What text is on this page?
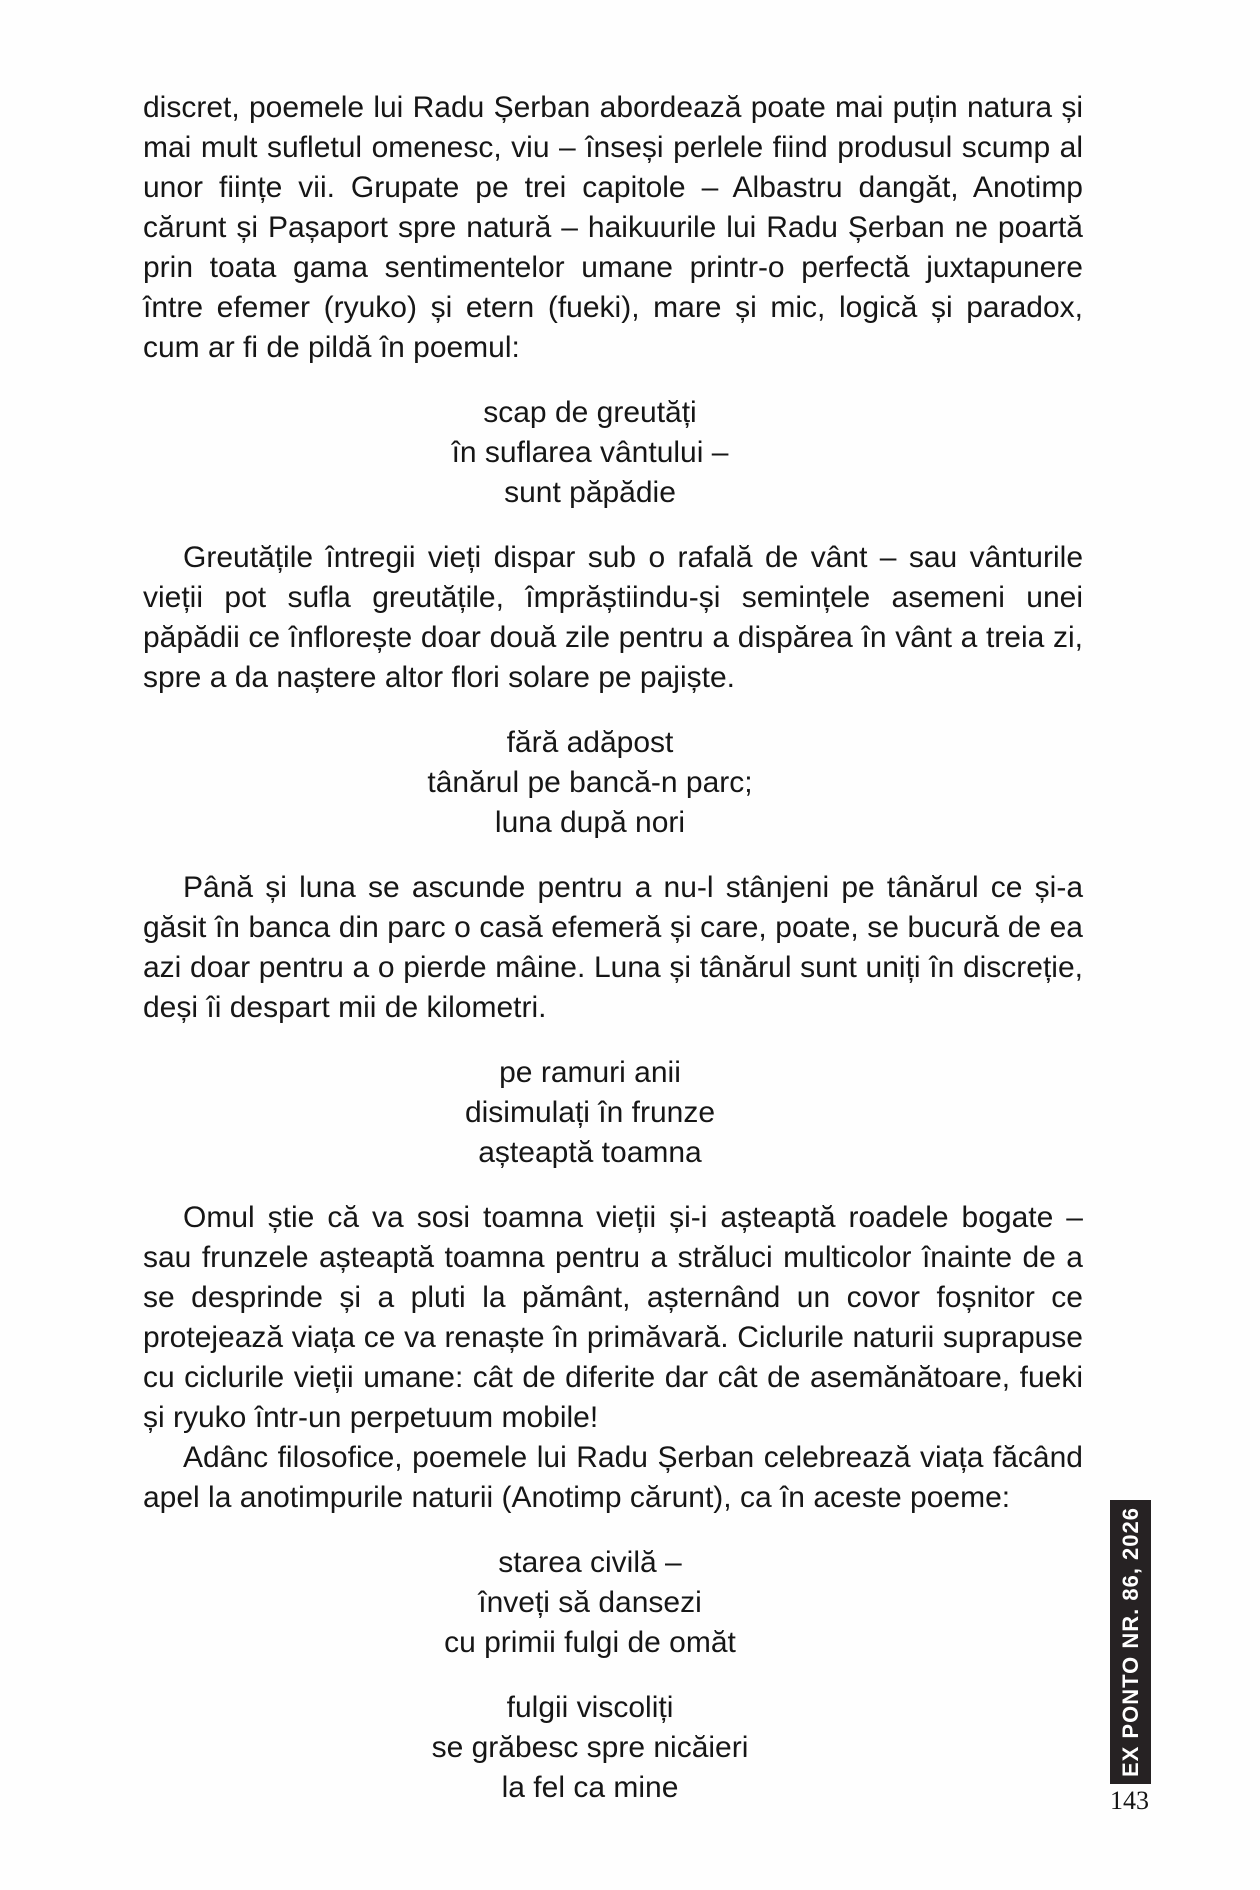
discret, poemele lui Radu Șerban abordează poate mai puțin natura și mai mult sufletul omenesc, viu – înseși perlele fiind produsul scump al unor ființe vii. Grupate pe trei capitole – Albastru dangăt, Anotimp cărunt și Pașaport spre natură – haikuurile lui Radu Șerban ne poartă prin toata gama sentimentelor umane printr-o perfectă juxtapunere între efemer (ryuko) și etern (fueki), mare și mic, logică și paradox, cum ar fi de pildă în poemul:

scap de greutăți
în suflarea vântului –
sunt păpădie

Greutățile întregii vieți dispar sub o rafală de vânt – sau vânturile vieții pot sufla greutățile, împrăștiindu-și semințele asemeni unei păpădii ce înflorește doar două zile pentru a dispărea în vânt a treia zi, spre a da naștere altor flori solare pe pajiște.

fără adăpost
tânărul pe bancă-n parc;
luna după nori

Până și luna se ascunde pentru a nu-l stânjeni pe tânărul ce și-a găsit în banca din parc o casă efemeră și care, poate, se bucură de ea azi doar pentru a o pierde mâine. Luna și tânărul sunt uniți în discreție, deși îi despart mii de kilometri.

pe ramuri anii
disimulați în frunze
așteaptă toamna

Omul știe că va sosi toamna vieții și-i așteaptă roadele bogate – sau frunzele așteaptă toamna pentru a străluci multicolor înainte de a se desprinde și a pluti la pământ, așternând un covor foșnitor ce protejează viața ce va renaște în primăvară. Ciclurile naturii suprapuse cu ciclurile vieții umane: cât de diferite dar cât de asemănătoare, fueki și ryuko într-un perpetuum mobile!

Adânc filosofice, poemele lui Radu Șerban celebrează viața făcând apel la anotimpurile naturii (Anotimp cărunt), ca în aceste poeme:

starea civilă –
înveți să dansezi
cu primii fulgi de omăt
fulgii viscoliți
se grăbesc spre nicăieri
la fel ca mine
EX PONTO NR. 86, 2026
143
